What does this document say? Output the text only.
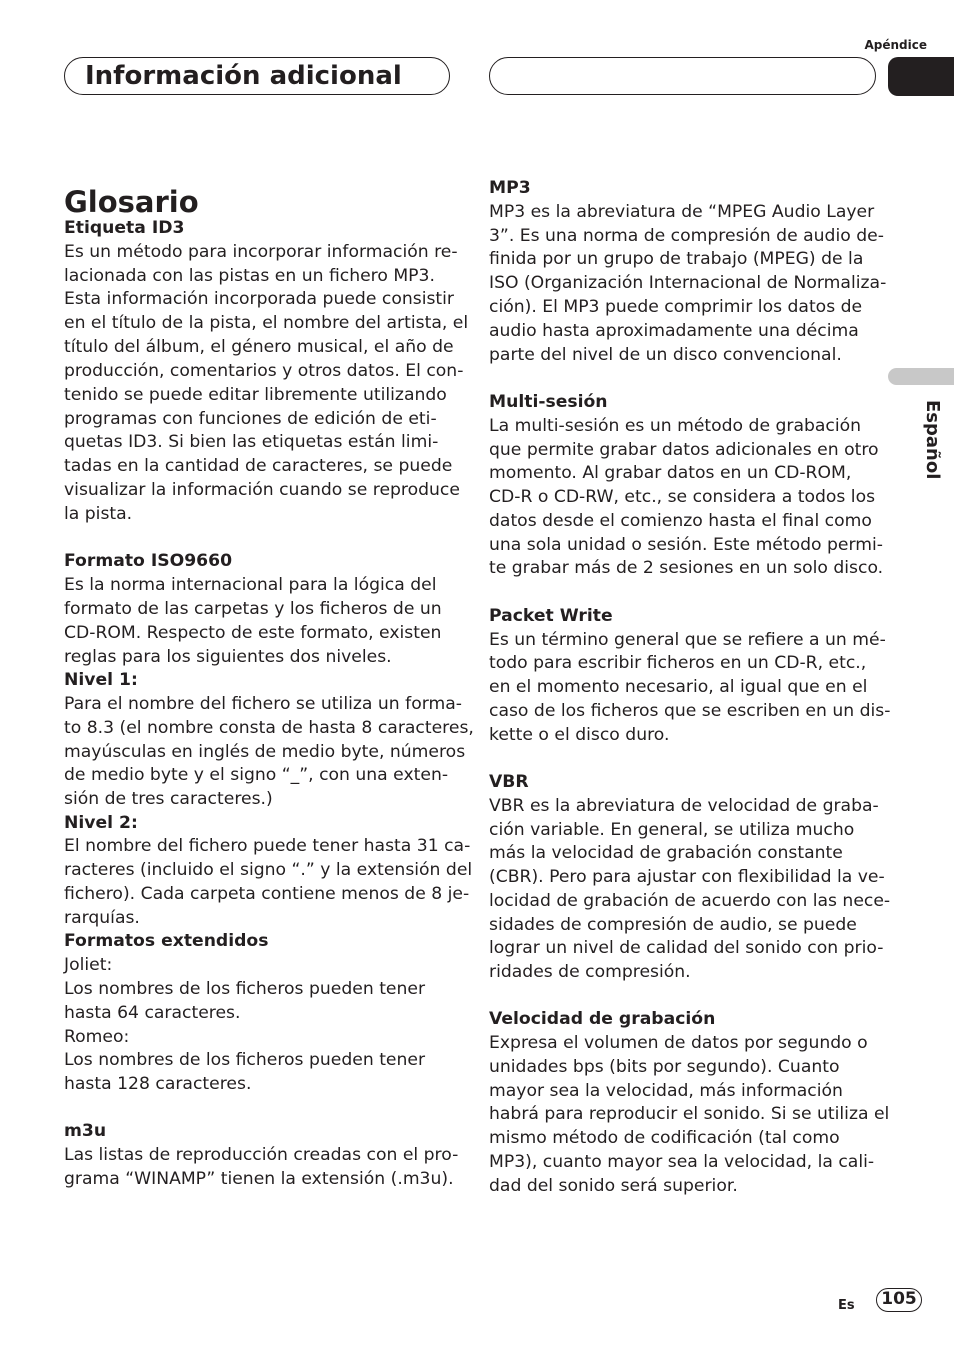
Apéndice
Información adicional
Español
Glosario
Etiqueta ID3
Es un método para incorporar información re-
lacionada con las pistas en un fichero MP3.
Esta información incorporada puede consistir
en el título de la pista, el nombre del artista, el
título del álbum, el género musical, el año de
producción, comentarios y otros datos. El con-
tenido se puede editar libremente utilizando
programas con funciones de edición de eti-
quetas ID3. Si bien las etiquetas están limi-
tadas en la cantidad de caracteres, se puede
visualizar la información cuando se reproduce
la pista.
Formato ISO9660
Es la norma internacional para la lógica del
formato de las carpetas y los ficheros de un
CD-ROM. Respecto de este formato, existen
reglas para los siguientes dos niveles.
Nivel 1:
Para el nombre del fichero se utiliza un forma-
to 8.3 (el nombre consta de hasta 8 caracteres,
mayúsculas en inglés de medio byte, números
de medio byte y el signo “_”, con una exten-
sión de tres caracteres.)
Nivel 2:
El nombre del fichero puede tener hasta 31 ca-
racteres (incluido el signo “.” y la extensión del
fichero). Cada carpeta contiene menos de 8 je-
rarquías.
Formatos extendidos
Joliet:
Los nombres de los ficheros pueden tener
hasta 64 caracteres.
Romeo:
Los nombres de los ficheros pueden tener
hasta 128 caracteres.
m3u
Las listas de reproducción creadas con el pro-
grama “WINAMP” tienen la extensión (.m3u).
MP3
MP3 es la abreviatura de “MPEG Audio Layer
3”. Es una norma de compresión de audio de-
finida por un grupo de trabajo (MPEG) de la
ISO (Organización Internacional de Normaliza-
ción). El MP3 puede comprimir los datos de
audio hasta aproximadamente una décima
parte del nivel de un disco convencional.
Multi-sesión
La multi-sesión es un método de grabación
que permite grabar datos adicionales en otro
momento. Al grabar datos en un CD-ROM,
CD-R o CD-RW, etc., se considera a todos los
datos desde el comienzo hasta el final como
una sola unidad o sesión. Este método permi-
te grabar más de 2 sesiones en un solo disco.
Packet Write
Es un término general que se refiere a un mé-
todo para escribir ficheros en un CD-R, etc.,
en el momento necesario, al igual que en el
caso de los ficheros que se escriben en un dis-
kette o el disco duro.
VBR
VBR es la abreviatura de velocidad de graba-
ción variable. En general, se utiliza mucho
más la velocidad de grabación constante
(CBR). Pero para ajustar con flexibilidad la ve-
locidad de grabación de acuerdo con las nece-
sidades de compresión de audio, se puede
lograr un nivel de calidad del sonido con prio-
ridades de compresión.
Velocidad de grabación
Expresa el volumen de datos por segundo o
unidades bps (bits por segundo). Cuanto
mayor sea la velocidad, más información
habrá para reproducir el sonido. Si se utiliza el
mismo método de codificación (tal como
MP3), cuanto mayor sea la velocidad, la cali-
dad del sonido será superior.
Es	105
